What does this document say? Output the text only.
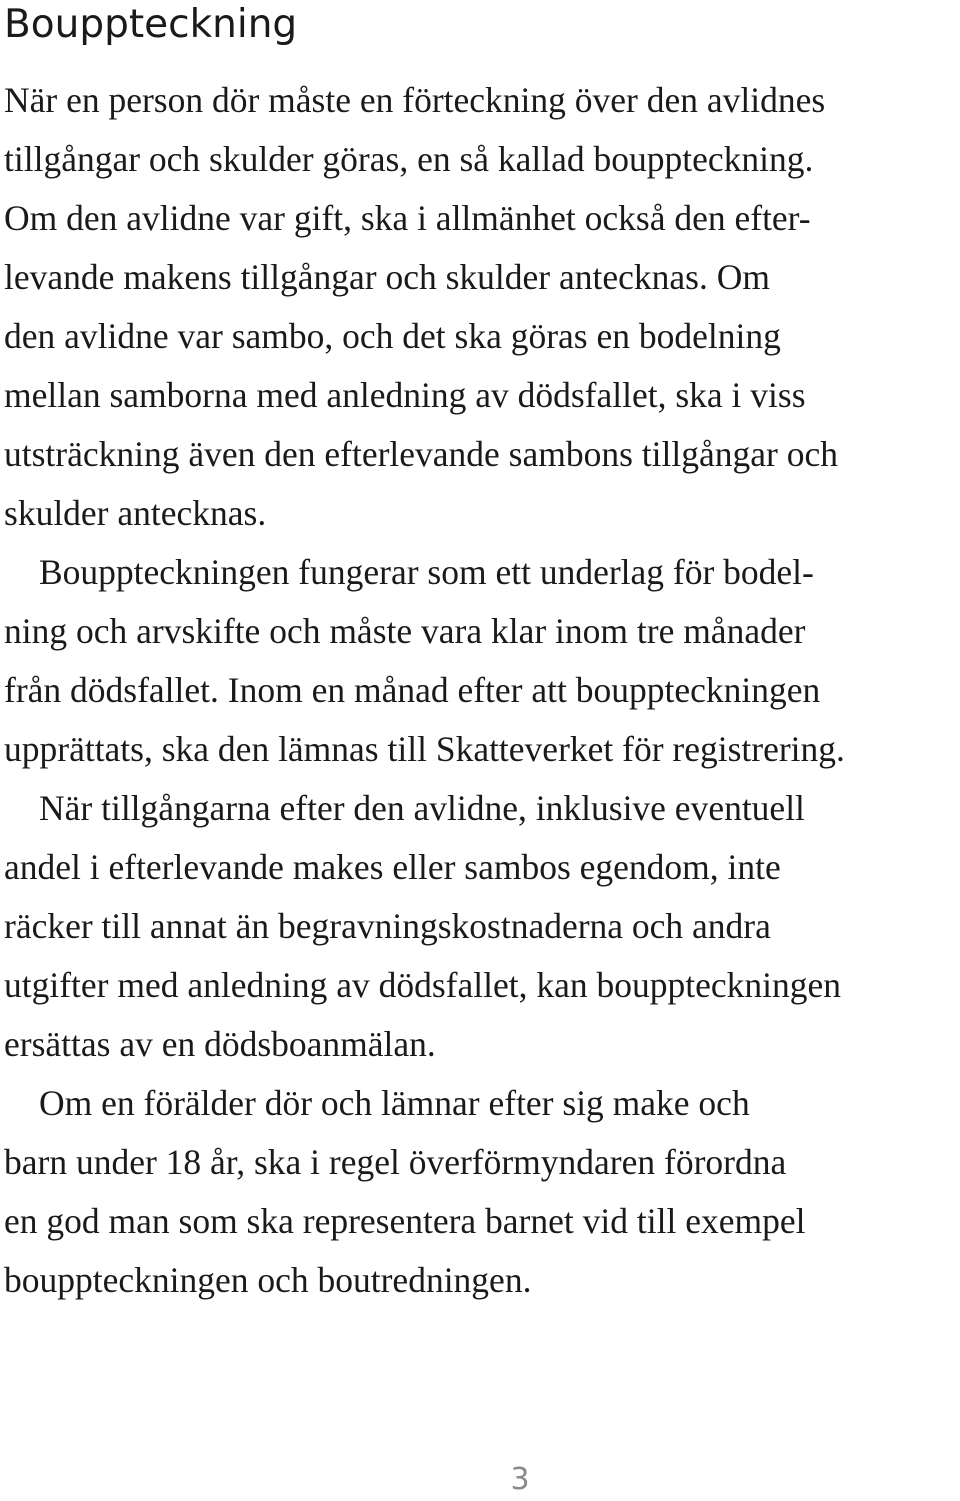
Bouppteckning

När en person dör måste en förteckning över den avlidnes
tillgångar och skulder göras, en så kallad bouppteckning.
Om den avlidne var gift, ska i allmänhet också den efter-
levande makens tillgångar och skulder antecknas. Om
den avlidne var sambo, och det ska göras en bodelning
mellan samborna med anledning av dödsfallet, ska i viss
utsträckning även den efterlevande sambons tillgångar och
skulder antecknas.

Bouppteckningen fungerar som ett underlag för bodel-
ning och arvskifte och måste vara klar inom tre månader
från dödsfallet. Inom en månad efter att bouppteckningen
upprättats, ska den lämnas till Skatteverket för registrering.

När tillgångarna efter den avlidne, inklusive eventuell
andel i efterlevande makes eller sambos egendom, inte
räcker till annat än begravningskostnaderna och andra
utgifter med anledning av dödsfallet, kan bouppteckningen
ersättas av en dödsboanmälan.

Om en förälder dör och lämnar efter sig make och
barn under 18 år, ska i regel överförmyndaren förordna
en god man som ska representera barnet vid till exempel
bouppteckningen och boutredningen.

3
